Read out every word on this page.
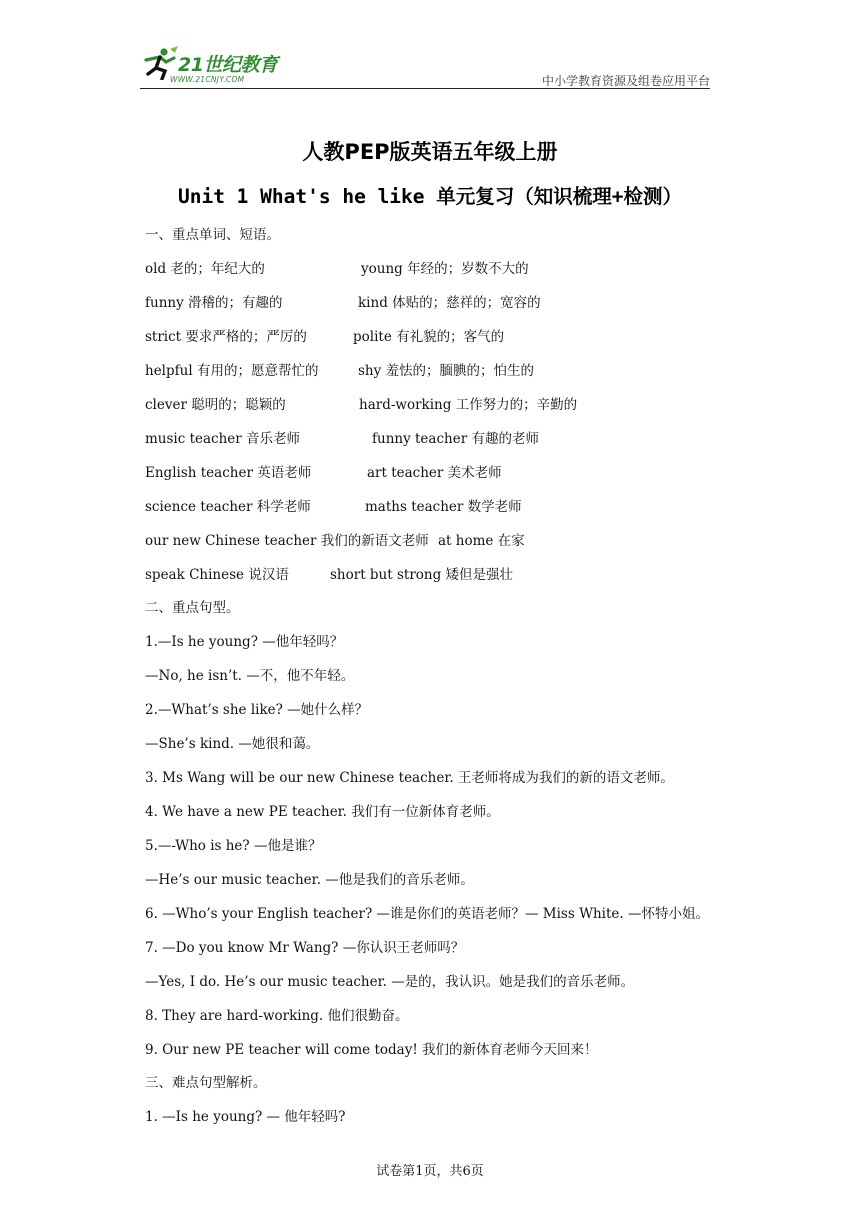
21世纪教育
WWW.21CNJY.COM	中小学教育资源及组卷应用平台
人教PEP版英语五年级上册
Unit 1 What's he like 单元复习（知识梳理+检测）
一、重点单词、短语。
old 老的；年纪大的	young 年经的；岁数不大的
funny 滑稽的；有趣的	kind 体贴的；慈祥的；宽容的
strict 要求严格的；严厉的	polite 有礼貌的；客气的
helpful 有用的；愿意帮忙的	shy 羞怯的；腼腆的；怕生的
clever 聪明的；聪颖的	hard-working 工作努力的；辛勤的
music teacher 音乐老师	funny teacher 有趣的老师
English teacher 英语老师	art teacher 美术老师
science teacher 科学老师	maths teacher 数学老师
our new Chinese teacher 我们的新语文老师 at home 在家
speak Chinese 说汉语	short but strong 矮但是强壮
二、重点句型。
1.—Is he young? —他年轻吗？
—No, he isn’t. —不，他不年轻。
2.—What’s she like? —她什么样？
—She’s kind. —她很和蔼。
3. Ms Wang will be our new Chinese teacher. 王老师将成为我们的新的语文老师。
4. We have a new PE teacher. 我们有一位新体育老师。
5.—-Who is he? —他是谁？
—He’s our music teacher. —他是我们的音乐老师。
6. —Who’s your English teacher? —谁是你们的英语老师？— Miss White. —怀特小姐。
7. —Do you know Mr Wang? —你认识王老师吗？
—Yes, I do. He’s our music teacher. —是的，我认识。她是我们的音乐老师。
8. They are hard-working. 他们很勤奋。
9. Our new PE teacher will come today! 我们的新体育老师今天回来！
三、难点句型解析。
1. —Is he young? — 他年轻吗?
试卷第1页，共6页
